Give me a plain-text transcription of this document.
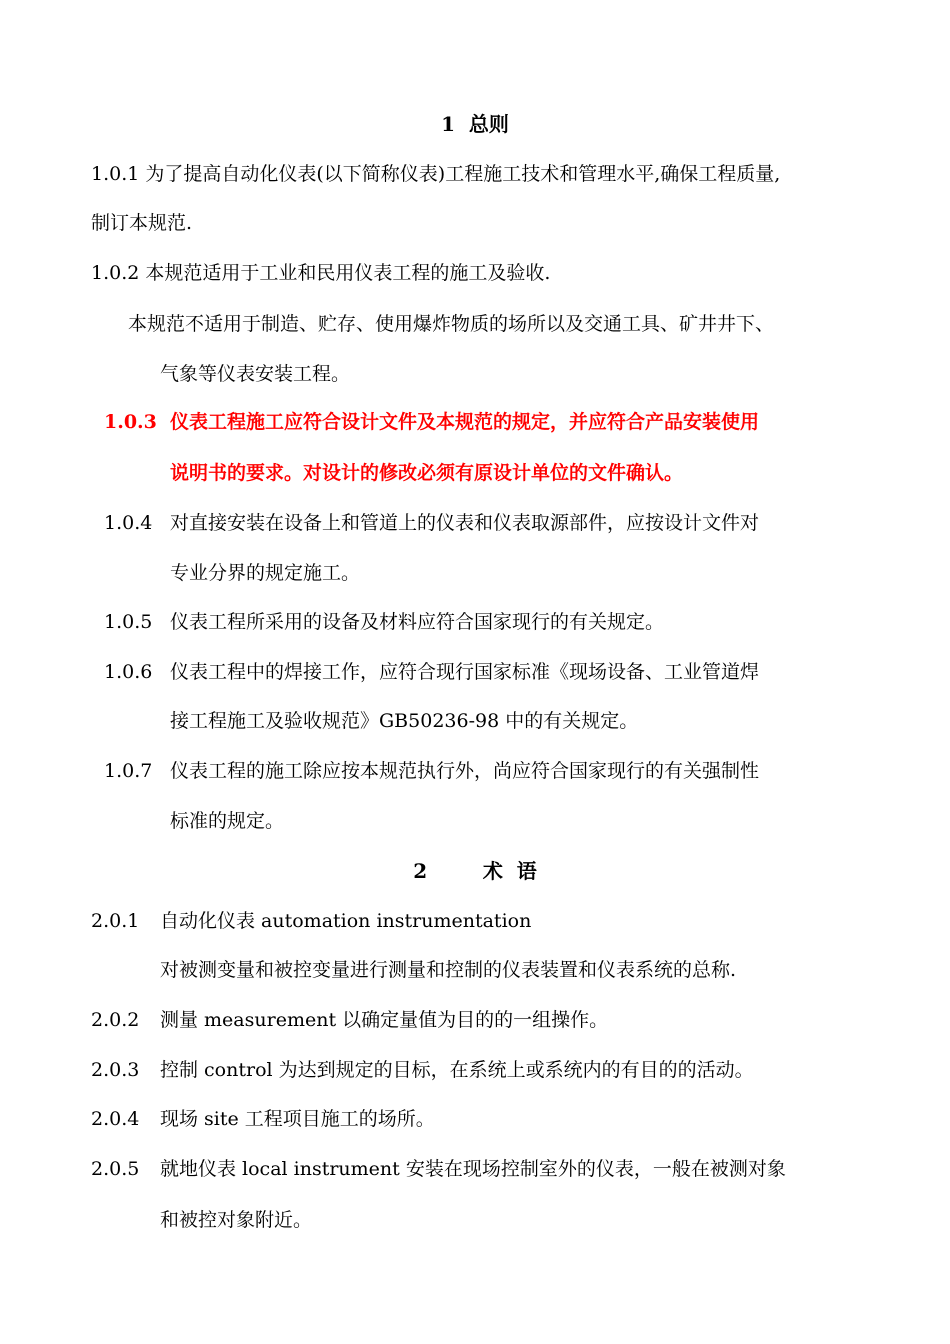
1  总则
1.0.1 为了提高自动化仪表(以下简称仪表)工程施工技术和管理水平,确保工程质量,
制订本规范.
1.0.2 本规范适用于工业和民用仪表工程的施工及验收.
本规范不适用于制造、贮存、使用爆炸物质的场所以及交通工具、矿井井下、
气象等仪表安装工程。
1.0.3 仪表工程施工应符合设计文件及本规范的规定，并应符合产品安装使用
说明书的要求。对设计的修改必须有原设计单位的文件确认。
1.0.4 对直接安装在设备上和管道上的仪表和仪表取源部件，应按设计文件对
专业分界的规定施工。
1.0.5 仪表工程所采用的设备及材料应符合国家现行的有关规定。
1.0.6 仪表工程中的焊接工作，应符合现行国家标准《现场设备、工业管道焊
接工程施工及验收规范》GB50236-98 中的有关规定。
1.0.7 仪表工程的施工除应按本规范执行外，尚应符合国家现行的有关强制性
标准的规定。
2        术  语
2.0.1 自动化仪表 automation instrumentation
对被测变量和被控变量进行测量和控制的仪表装置和仪表系统的总称.
2.0.2 测量 measurement 以确定量值为目的的一组操作。
2.0.3 控制 control 为达到规定的目标，在系统上或系统内的有目的的活动。
2.0.4 现场 site 工程项目施工的场所。
2.0.5 就地仪表 local instrument 安装在现场控制室外的仪表，一般在被测对象
和被控对象附近。
